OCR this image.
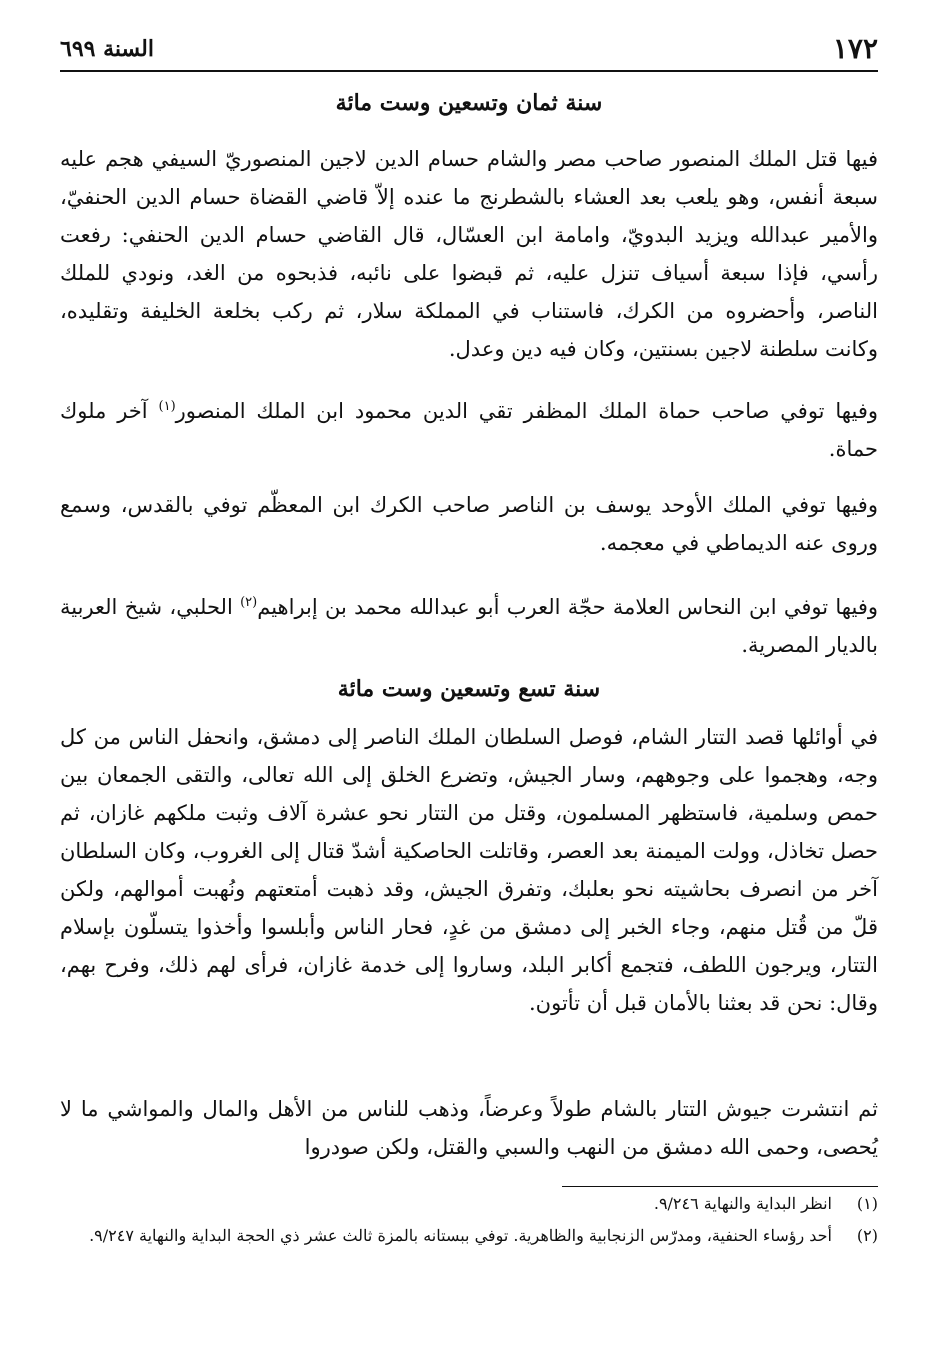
١٧٢
السنة ٦٩٩
سنة ثمان وتسعين وست مائة

فيها قتل الملك المنصور صاحب مصر والشام حسام الدين لاجين المنصوريّ السيفي هجم عليه سبعة أنفس، وهو يلعب بعد العشاء بالشطرنج ما عنده إلاّ قاضي القضاة حسام الدين الحنفيّ، والأمير عبدالله ويزيد البدويّ، وامامة ابن العسّال، قال القاضي حسام الدين الحنفي: رفعت رأسي، فإذا سبعة أسياف تنزل عليه، ثم قبضوا على نائبه، فذبحوه من الغد، ونودي للملك الناصر، وأحضروه من الكرك، فاستناب في المملكة سلار، ثم ركب بخلعة الخليفة وتقليده، وكانت سلطنة لاجين بسنتين، وكان فيه دين وعدل.

وفيها توفي صاحب حماة الملك المظفر تقي الدين محمود ابن الملك المنصور$^{(١)}$ آخر ملوك حماة.

وفيها توفي الملك الأوحد يوسف بن الناصر صاحب الكرك ابن المعظّم توفي بالقدس، وسمع وروى عنه الديماطي في معجمه.

وفيها توفي ابن النحاس العلامة حجّة العرب أبو عبدالله محمد بن إبراهيم$^{(٢)}$ الحلبي، شيخ العربية بالديار المصرية.

سنة تسع وتسعين وست مائة

في أوائلها قصد التتار الشام، فوصل السلطان الملك الناصر إلى دمشق، وانحفل الناس من كل وجه، وهجموا على وجوههم، وسار الجيش، وتضرع الخلق إلى الله تعالى، والتقى الجمعان بين حمص وسلمية، فاستظهر المسلمون، وقتل من التتار نحو عشرة آلاف وثبت ملكهم غازان، ثم حصل تخاذل، وولت الميمنة بعد العصر، وقاتلت الحاصكية أشدّ قتال إلى الغروب، وكان السلطان آخر من انصرف بحاشيته نحو بعلبك، وتفرق الجيش، وقد ذهبت أمتعتهم ونُهبت أموالهم، ولكن قلّ من قُتل منهم، وجاء الخبر إلى دمشق من غدٍ، فحار الناس وأبلسوا وأخذوا يتسلّون بإسلام التتار، ويرجون اللطف، فتجمع أكابر البلد، وساروا إلى خدمة غازان، فرأى لهم ذلك، وفرح بهم، وقال: نحن قد بعثنا بالأمان قبل أن تأتون.

ثم انتشرت جيوش التتار بالشام طولاً وعرضاً، وذهب للناس من الأهل والمال والمواشي ما لا يُحصى، وحمى الله دمشق من النهب والسبي والقتل، ولكن صودروا

(١)
انظر البداية والنهاية ٩/٢٤٦.
(٢)
أحد رؤساء الحنفية، ومدرّس الزنجابية والظاهرية. توفي ببستانه بالمزة ثالث عشر ذي الحجة البداية والنهاية ٩/٢٤٧.
